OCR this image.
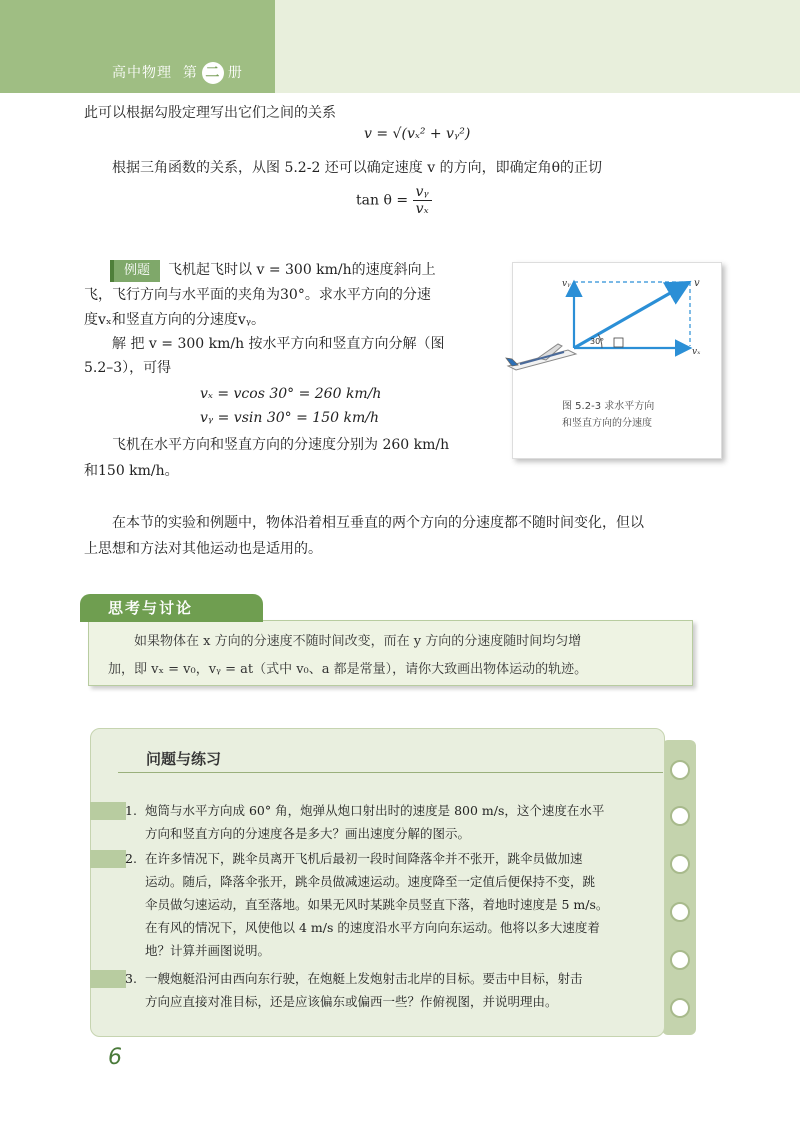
高中物理 第 二 册
此可以根据勾股定理写出它们之间的关系
v = √(vₓ² + vᵧ²)
根据三角函数的关系，从图 5.2-2 还可以确定速度 v 的方向，即确定角θ的正切
$\tan \theta = \frac{\text{vᵧ}}{\text{vₓ}}$
例题 飞机起飞时以 v = 300 km/h的速度斜向上
飞，飞行方向与水平面的夹角为30°。求水平方向的分速
度vₓ和竖直方向的分速度vᵧ。
解 把 v = 300 km/h 按水平方向和竖直方向分解（图
5.2–3），可得
vₓ = vcos 30° = 260 km/h
vᵧ = vsin 30° = 150 km/h
飞机在水平方向和竖直方向的分速度分别为 260 km/h
和150 km/h。
vᵧ	v
vₓ
30°
图 5.2-3 求水平方向
和竖直方向的分速度
在本节的实验和例题中，物体沿着相互垂直的两个方向的分速度都不随时间变化，但以
上思想和方法对其他运动也是适用的。
思考与讨论
如果物体在 x 方向的分速度不随时间改变，而在 y 方向的分速度随时间均匀增
加，即 vₓ = v₀，vᵧ = at（式中 v₀、a 都是常量），请你大致画出物体运动的轨迹。
问题与练习
1. 炮筒与水平方向成 60° 角，炮弹从炮口射出时的速度是 800 m/s，这个速度在水平
方向和竖直方向的分速度各是多大？画出速度分解的图示。
2. 在许多情况下，跳伞员离开飞机后最初一段时间降落伞并不张开，跳伞员做加速
运动。随后，降落伞张开，跳伞员做减速运动。速度降至一定值后便保持不变，跳
伞员做匀速运动，直至落地。如果无风时某跳伞员竖直下落，着地时速度是 5 m/s。
在有风的情况下，风使他以 4 m/s 的速度沿水平方向向东运动。他将以多大速度着
地？计算并画图说明。
3. 一艘炮艇沿河由西向东行驶，在炮艇上发炮射击北岸的目标。要击中目标，射击
方向应直接对准目标，还是应该偏东或偏西一些？作俯视图，并说明理由。
6
